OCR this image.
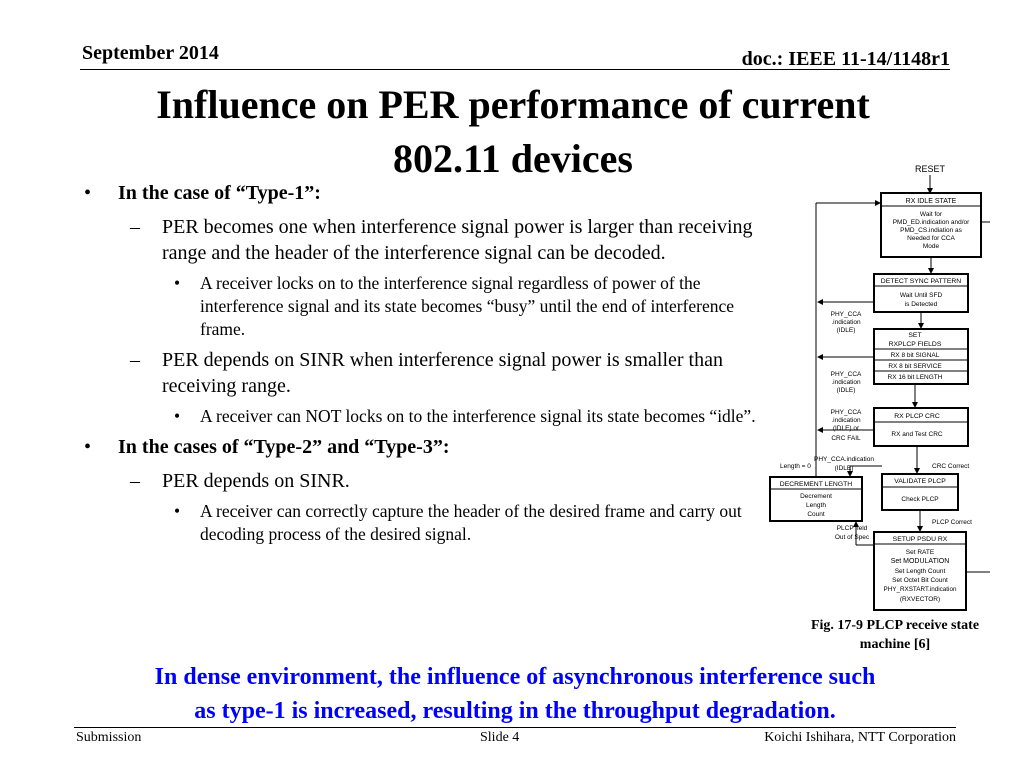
September 2014	doc.: IEEE 11-14/1148r1
Influence on PER performance of current
802.11 devices
• In the case of “Type-1”:
– PER becomes one when interference signal power is larger than receiving range and the header of the interference signal can be decoded.
• A receiver locks on to the interference signal regardless of power of the interference signal and its state becomes “busy” until the end of interference frame.
– PER depends on SINR when interference signal power is smaller than receiving range.
• A receiver can NOT locks on to the interference signal its state becomes “idle”.
• In the cases of “Type-2” and “Type-3”:
– PER depends on SINR.
• A receiver can correctly capture the header of the desired frame and carry out decoding process of the desired signal.
RESET
RX IDLE STATE
Wait for
PMD_ED.indication and/or
PMD_CS.indiation as
Needed for CCA
Mode
DETECT SYNC PATTERN
Wait Until SFD
is Detected
SET
RXPLCP FIELDS
RX 8 bit SIGNAL
RX 8 bit SERVICE
RX 16 bit LENGTH
RX PLCP CRC
RX and Test CRC
CRC Correct
VALIDATE PLCP
Check PLCP
PLCP Correct
SETUP PSDU RX
Set RATE
Set MODULATION
Set Length Count
Set Octet Bit Count
PHY_RXSTART.indication
(RXVECTOR)
DECREMENT LENGTH
Decrement
Length
Count
PHY_CCA
.indication
(IDLE)
PHY_CCA
.indication
(IDLE)
PHY_CCA
.indication
(IDLE) or
CRC FAIL
PHY_CCA.indication
(IDLE)
Length = 0
PLCP field
Out of Spec
Fig. 17-9 PLCP receive state
machine [6]
In dense environment, the influence of asynchronous interference such
as type-1 is increased, resulting in the throughput degradation.
Submission	Slide 4	Koichi Ishihara, NTT Corporation
